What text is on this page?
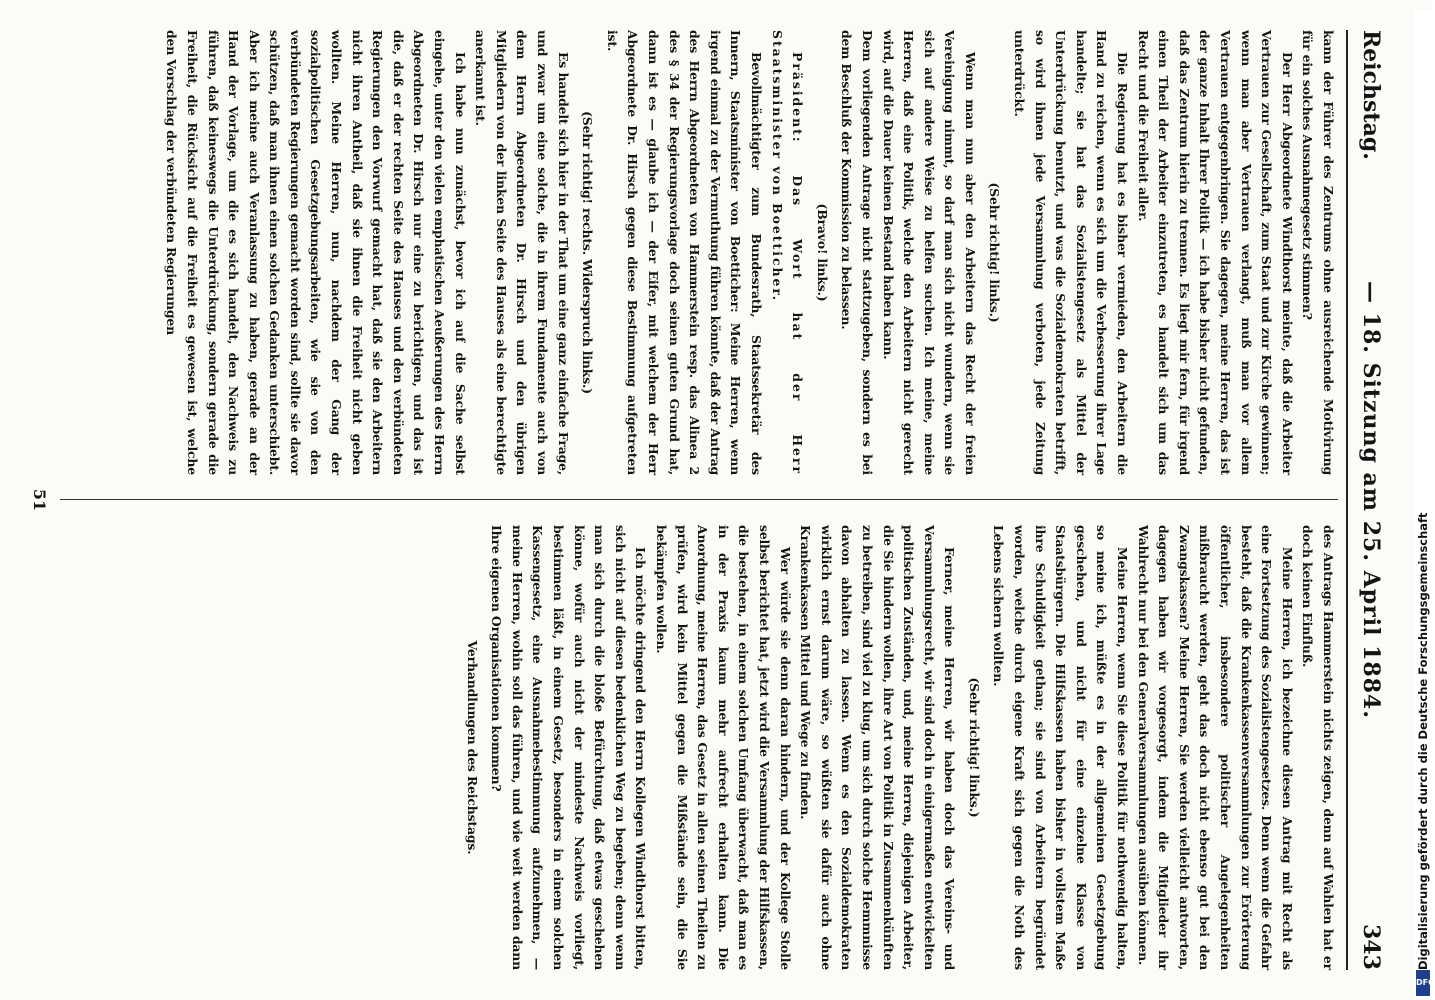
Reichstag.
— 18. Sitzung am 25. April 1884.
343

kann der Führer des Zentrums ohne ausreichende Motivirung für ein solches Ausnahmegesetz stimmen?

Der Herr Abgeordnete Windthorst meinte, daß die Arbeiter Vertrauen zur Gesellschaft, zum Staat und zur Kirche gewinnen; wenn man aber Vertrauen verlangt, muß man vor allem Vertrauen entgegenbringen. Sie dagegen, meine Herren, das ist der ganze Inhalt Ihrer Politik — ich habe bisher nicht gefunden, daß das Zentrum hierin zu trennen. Es liegt mir fern, für irgend einen Theil der Arbeiter einzutreten, es handelt sich um das Recht und die Freiheit aller.

Die Regierung hat es bisher vermieden, den Arbeitern die Hand zu reichen, wenn es sich um die Verbesserung ihrer Lage handelte; sie hat das Sozialistengesetz als Mittel der Unterdrückung benutzt, und was die Sozialdemokraten betrifft, so wird ihnen jede Versammlung verboten, jede Zeitung unterdrückt.

(Sehr richtig! links.)

Wenn man nun aber den Arbeitern das Recht der freien Vereinigung nimmt, so darf man sich nicht wundern, wenn sie sich auf andere Weise zu helfen suchen. Ich meine, meine Herren, daß eine Politik, welche den Arbeitern nicht gerecht wird, auf die Dauer keinen Bestand haben kann.

Dem vorliegenden Antrage nicht stattzugeben, sondern es bei dem Beschluß der Kommission zu belassen.

(Bravo! links.)

Präsident: Das Wort hat der Herr Staatsminister von Boetticher.

Bevollmächtigter zum Bundesrath, Staatssekretär des Innern, Staatsminister von Boetticher: Meine Herren, wenn irgend einmal zu der Vermuthung führen könnte, daß der Antrag des Herrn Abgeordneten von Hammerstein resp. das Alinea 2 des § 34 der Regierungsvorlage doch seinen guten Grund hat, dann ist es — glaube ich — der Eifer, mit welchem der Herr Abgeordnete Dr. Hirsch gegen diese Bestimmung aufgetreten ist.

(Sehr richtig! rechts. Widerspruch links.)

Es handelt sich hier in der That um eine ganz einfache Frage, und zwar um eine solche, die in ihrem Fundamente auch von dem Herrn Abgeordneten Dr. Hirsch und den übrigen Mitgliedern von der linken Seite des Hauses als eine berechtigte anerkannt ist.

Ich habe nun zunächst, bevor ich auf die Sache selbst eingehe, unter den vielen emphatischen Aeußerungen des Herrn Abgeordneten Dr. Hirsch nur eine zu berichtigen, und das ist die, daß er der rechten Seite des Hauses und den verbündeten Regierungen den Vorwurf gemacht hat, daß sie den Arbeitern nicht ihren Antheil, daß sie ihnen die Freiheit nicht geben wollten. Meine Herren, nun, nachdem der Gang der sozialpolitischen Gesetzgebungsarbeiten, wie sie von den verbündeten Regierungen gemacht worden sind, sollte sie davor schützen, daß man ihnen einen solchen Gedanken unterschiebt. Aber ich meine auch Veranlassung zu haben, gerade an der Hand der Vorlage, um die es sich handelt, den Nachweis zu führen, daß keineswegs die Unterdrückung, sondern gerade die Freiheit, die Rücksicht auf die Freiheit es gewesen ist, welche den Vorschlag der verbündeten Regierungen

des Antrags Hammerstein nichts zeigen, denn auf Wahlen hat er doch keinen Einfluß.

Meine Herren, ich bezeichne diesen Antrag mit Recht als eine Fortsetzung des Sozialistengesetzes. Denn wenn die Gefahr besteht, daß die Krankenkassenversammlungen zur Erörterung öffentlicher, insbesondere politischer Angelegenheiten mißbraucht werden, geht das doch nicht ebenso gut bei den Zwangskassen? Meine Herren, Sie werden vielleicht antworten, dagegen haben wir vorgesorgt, indem die Mitglieder ihr Wahlrecht nur bei den Generalversammlungen ausüben können.

Meine Herren, wenn Sie diese Politik für nothwendig halten, so meine ich, müßte es in der allgemeinen Gesetzgebung geschehen, und nicht für eine einzelne Klasse von Staatsbürgern. Die Hilfskassen haben bisher in vollstem Maße ihre Schuldigkeit gethan; sie sind von Arbeitern begründet worden, welche durch eigene Kraft sich gegen die Noth des Lebens sichern wollten.

(Sehr richtig! links.)

Ferner, meine Herren, wir haben doch das Vereins- und Versammlungsrecht, wir sind doch in einigermaßen entwickelten politischen Zuständen, und, meine Herren, diejenigen Arbeiter, die Sie hindern wollen, ihre Art von Politik in Zusammenkünften zu betreiben, sind viel zu klug, um sich durch solche Hemmnisse davon abhalten zu lassen. Wenn es den Sozialdemokraten wirklich ernst darum wäre, so wüßten sie dafür auch ohne Krankenkassen Mittel und Wege zu finden.

Wer würde sie denn daran hindern, und der Kollege Stolle selbst berichtet hat, jetzt wird die Versammlung der Hilfskassen, die bestehen, in einem solchen Umfang überwacht, daß man es in der Praxis kaum mehr aufrecht erhalten kann. Die Anordnung, meine Herren, das Gesetz in allen seinen Theilen zu prüfen, wird kein Mittel gegen die Mißstände sein, die Sie bekämpfen wollen.

Ich möchte dringend den Herrn Kollegen Windthorst bitten, sich nicht auf diesen bedenklichen Weg zu begeben; denn wenn man sich durch die bloße Befürchtung, daß etwas geschehen könne, wofür auch nicht der mindeste Nachweis vorliegt, bestimmen läßt, in einem Gesetz, besonders in einem solchen Kassengesetz, eine Ausnahmebestimmung aufzunehmen, — meine Herren, wohin soll das führen, und wie weit werden dann Ihre eigenen Organisationen kommen?

Verhandlungen des Reichstags.

51
Digitalisierung gefördert durch die Deutsche Forschungsgemeinschaft
DFG
